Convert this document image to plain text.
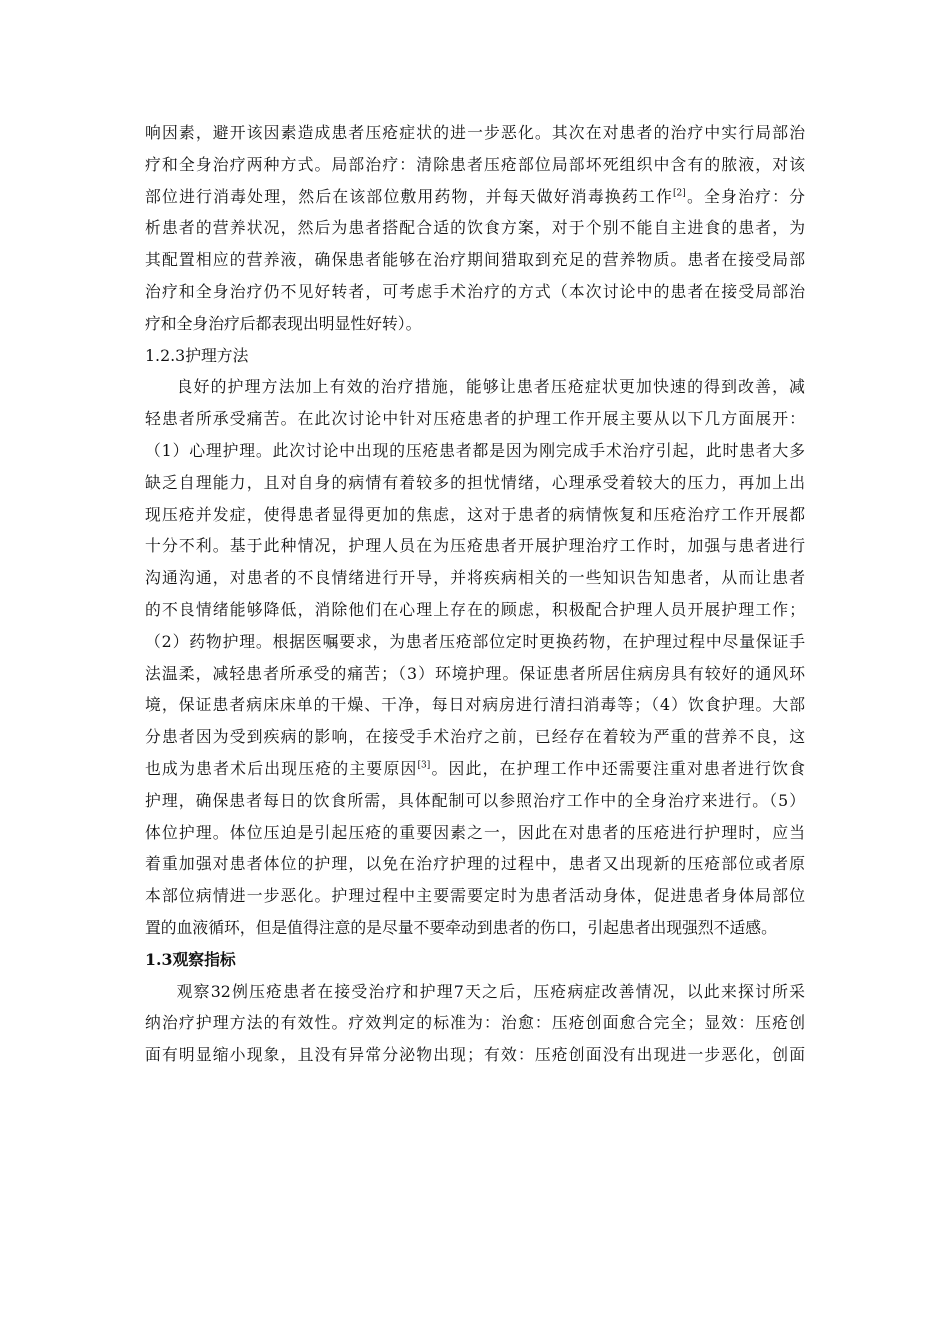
响因素，避开该因素造成患者压疮症状的进一步恶化。其次在对患者的治疗中实行局部治
疗和全身治疗两种方式。局部治疗：清除患者压疮部位局部坏死组织中含有的脓液，对该
部位进行消毒处理，然后在该部位敷用药物，并每天做好消毒换药工作[2]。全身治疗：分
析患者的营养状况，然后为患者搭配合适的饮食方案，对于个别不能自主进食的患者，为
其配置相应的营养液，确保患者能够在治疗期间猎取到充足的营养物质。患者在接受局部
治疗和全身治疗仍不见好转者，可考虑手术治疗的方式（本次讨论中的患者在接受局部治
疗和全身治疗后都表现出明显性好转）。
1.2.3护理方法
良好的护理方法加上有效的治疗措施，能够让患者压疮症状更加快速的得到改善，减
轻患者所承受痛苦。在此次讨论中针对压疮患者的护理工作开展主要从以下几方面展开：
（1）心理护理。此次讨论中出现的压疮患者都是因为刚完成手术治疗引起，此时患者大多
缺乏自理能力，且对自身的病情有着较多的担忧情绪，心理承受着较大的压力，再加上出
现压疮并发症，使得患者显得更加的焦虑，这对于患者的病情恢复和压疮治疗工作开展都
十分不利。基于此种情况，护理人员在为压疮患者开展护理治疗工作时，加强与患者进行
沟通沟通，对患者的不良情绪进行开导，并将疾病相关的一些知识告知患者，从而让患者
的不良情绪能够降低，消除他们在心理上存在的顾虑，积极配合护理人员开展护理工作；
（2）药物护理。根据医嘱要求，为患者压疮部位定时更换药物，在护理过程中尽量保证手
法温柔，减轻患者所承受的痛苦；（3）环境护理。保证患者所居住病房具有较好的通风环
境，保证患者病床床单的干燥、干净，每日对病房进行清扫消毒等；（4）饮食护理。大部
分患者因为受到疾病的影响，在接受手术治疗之前，已经存在着较为严重的营养不良，这
也成为患者术后出现压疮的主要原因[3]。因此，在护理工作中还需要注重对患者进行饮食
护理，确保患者每日的饮食所需，具体配制可以参照治疗工作中的全身治疗来进行。（5）
体位护理。体位压迫是引起压疮的重要因素之一，因此在对患者的压疮进行护理时，应当
着重加强对患者体位的护理，以免在治疗护理的过程中，患者又出现新的压疮部位或者原
本部位病情进一步恶化。护理过程中主要需要定时为患者活动身体，促进患者身体局部位
置的血液循环，但是值得注意的是尽量不要牵动到患者的伤口，引起患者出现强烈不适感。
1.3观察指标
观察32例压疮患者在接受治疗和护理7天之后，压疮病症改善情况，以此来探讨所采
纳治疗护理方法的有效性。疗效判定的标准为：治愈：压疮创面愈合完全；显效：压疮创
面有明显缩小现象，且没有异常分泌物出现；有效：压疮创面没有出现进一步恶化，创面
